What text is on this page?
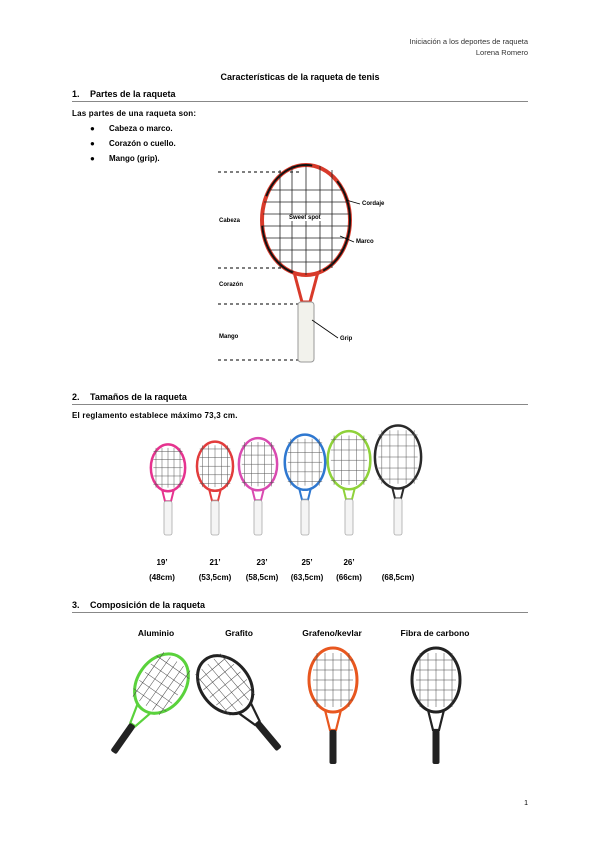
Iniciación a los deportes de raqueta
Lorena Romero
Características de la raqueta de tenis
1. Partes de la raqueta
Las partes de una raqueta son:
● Cabeza o marco.
● Corazón o cuello.
● Mango (grip).
Cabeza
Corazón
Mango
Cordaje
Marco
Grip
Sweet spot
2. Tamaños de la raqueta
El reglamento establece máximo 73,3 cm.
19’
(48cm)
21’
(53,5cm)
23’
(58,5cm)
25’
(63,5cm)
26’
(66cm)	(68,5cm)
3. Composición de la raqueta
Aluminio	Grafito	Grafeno/kevlar	Fibra de carbono
1
